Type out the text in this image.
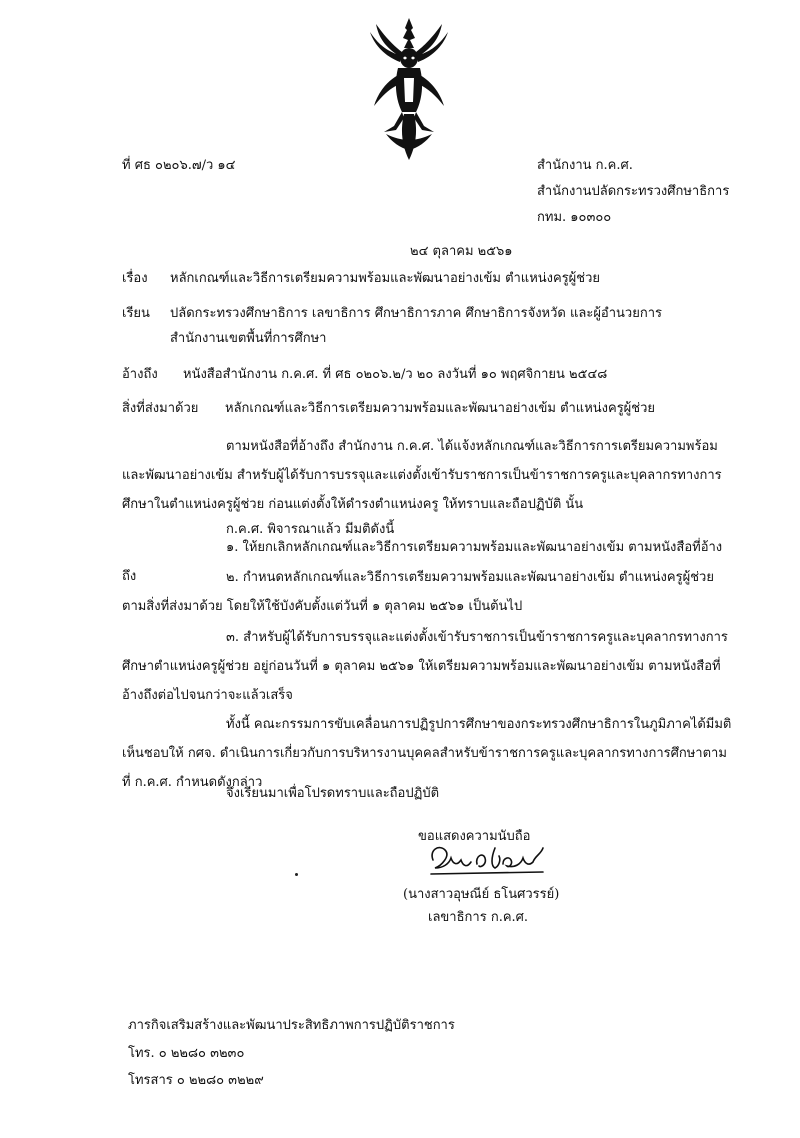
ที่ ศธ ๐๒๐๖.๗/ว ๑๔	สำนักงาน ก.ค.ศ.
สำนักงานปลัดกระทรวงศึกษาธิการ
กทม. ๑๐๓๐๐
๒๔ ตุลาคม ๒๕๖๑
เรื่อง หลักเกณฑ์และวิธีการเตรียมความพร้อมและพัฒนาอย่างเข้ม ตำแหน่งครูผู้ช่วย
เรียน ปลัดกระทรวงศึกษาธิการ เลขาธิการ ศึกษาธิการภาค ศึกษาธิการจังหวัด และผู้อำนวยการ
สำนักงานเขตพื้นที่การศึกษา
อ้างถึง หนังสือสำนักงาน ก.ค.ศ. ที่ ศธ ๐๒๐๖.๒/ว ๒๐ ลงวันที่ ๑๐ พฤศจิกายน ๒๕๔๘
สิ่งที่ส่งมาด้วย หลักเกณฑ์และวิธีการเตรียมความพร้อมและพัฒนาอย่างเข้ม ตำแหน่งครูผู้ช่วย
ตามหนังสือที่อ้างถึง สำนักงาน ก.ค.ศ. ได้แจ้งหลักเกณฑ์และวิธีการการเตรียมความพร้อมและพัฒนาอย่างเข้ม สำหรับผู้ได้รับการบรรจุและแต่งตั้งเข้ารับราชการเป็นข้าราชการครูและบุคลากรทางการศึกษาในตำแหน่งครูผู้ช่วย ก่อนแต่งตั้งให้ดำรงตำแหน่งครู ให้ทราบและถือปฏิบัติ นั้น
ก.ค.ศ. พิจารณาแล้ว มีมติดังนี้
๑. ให้ยกเลิกหลักเกณฑ์และวิธีการเตรียมความพร้อมและพัฒนาอย่างเข้ม ตามหนังสือที่อ้างถึง	๒. กำหนดหลักเกณฑ์และวิธีการเตรียมความพร้อมและพัฒนาอย่างเข้ม ตำแหน่งครูผู้ช่วยตามสิ่งที่ส่งมาด้วย โดยให้ใช้บังคับตั้งแต่วันที่ ๑ ตุลาคม ๒๕๖๑ เป็นต้นไป
๓. สำหรับผู้ได้รับการบรรจุและแต่งตั้งเข้ารับราชการเป็นข้าราชการครูและบุคลากรทางการศึกษาตำแหน่งครูผู้ช่วย อยู่ก่อนวันที่ ๑ ตุลาคม ๒๕๖๑ ให้เตรียมความพร้อมและพัฒนาอย่างเข้ม ตามหนังสือที่อ้างถึงต่อไปจนกว่าจะแล้วเสร็จ
ทั้งนี้ คณะกรรมการขับเคลื่อนการปฏิรูปการศึกษาของกระทรวงศึกษาธิการในภูมิภาคได้มีมติเห็นชอบให้ กศจ. ดำเนินการเกี่ยวกับการบริหารงานบุคคลสำหรับข้าราชการครูและบุคลากรทางการศึกษาตามที่ ก.ค.ศ. กำหนดดังกล่าว
จึงเรียนมาเพื่อโปรดทราบและถือปฏิบัติ
ขอแสดงความนับถือ
(นางสาวอุษณีย์ ธโนศวรรย์)
เลขาธิการ ก.ค.ศ.
ภารกิจเสริมสร้างและพัฒนาประสิทธิภาพการปฏิบัติราชการ
โทร. ๐ ๒๒๘๐ ๓๒๓๐
โทรสาร ๐ ๒๒๘๐ ๓๒๒๙
